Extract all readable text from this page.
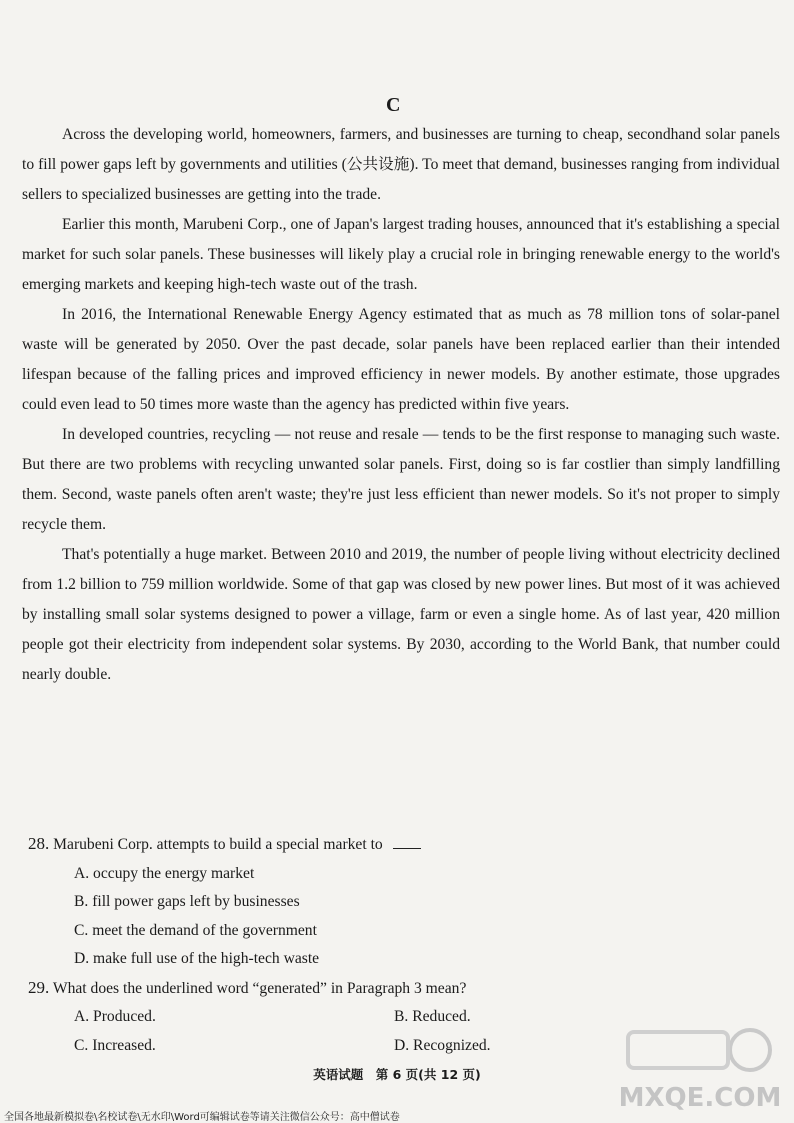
C

Across the developing world, homeowners, farmers, and businesses are turning to cheap, secondhand solar panels to fill power gaps left by governments and utilities (公共设施). To meet that demand, businesses ranging from individual sellers to specialized businesses are getting into the trade.

Earlier this month, Marubeni Corp., one of Japan's largest trading houses, announced that it's establishing a special market for such solar panels. These businesses will likely play a crucial role in bringing renewable energy to the world's emerging markets and keeping high-tech waste out of the trash.

In 2016, the International Renewable Energy Agency estimated that as much as 78 million tons of solar-panel waste will be generated by 2050. Over the past decade, solar panels have been replaced earlier than their intended lifespan because of the falling prices and improved efficiency in newer models. By another estimate, those upgrades could even lead to 50 times more waste than the agency has predicted within five years.

In developed countries, recycling — not reuse and resale — tends to be the first response to managing such waste. But there are two problems with recycling unwanted solar panels. First, doing so is far costlier than simply landfilling them. Second, waste panels often aren't waste; they're just less efficient than newer models. So it's not proper to simply recycle them.

That's potentially a huge market. Between 2010 and 2019, the number of people living without electricity declined from 1.2 billion to 759 million worldwide. Some of that gap was closed by new power lines. But most of it was achieved by installing small solar systems designed to power a village, farm or even a single home. As of last year, 420 million people got their electricity from independent solar systems. By 2030, according to the World Bank, that number could nearly double.

28. Marubeni Corp. attempts to build a special market to

A. occupy the energy market

B. fill power gaps left by businesses

C. meet the demand of the government

D. make full use of the high-tech waste

29. What does the underlined word “generated” in Paragraph 3 mean?

A. Produced.	B. Reduced.
C. Increased.	D. Recognized.
英语试题　第 6 页(共 12 页)
MXQE.COM
全国各地最新模拟卷\名校试卷\无水印\Word可编辑试卷等请关注微信公众号：高中僧试卷
